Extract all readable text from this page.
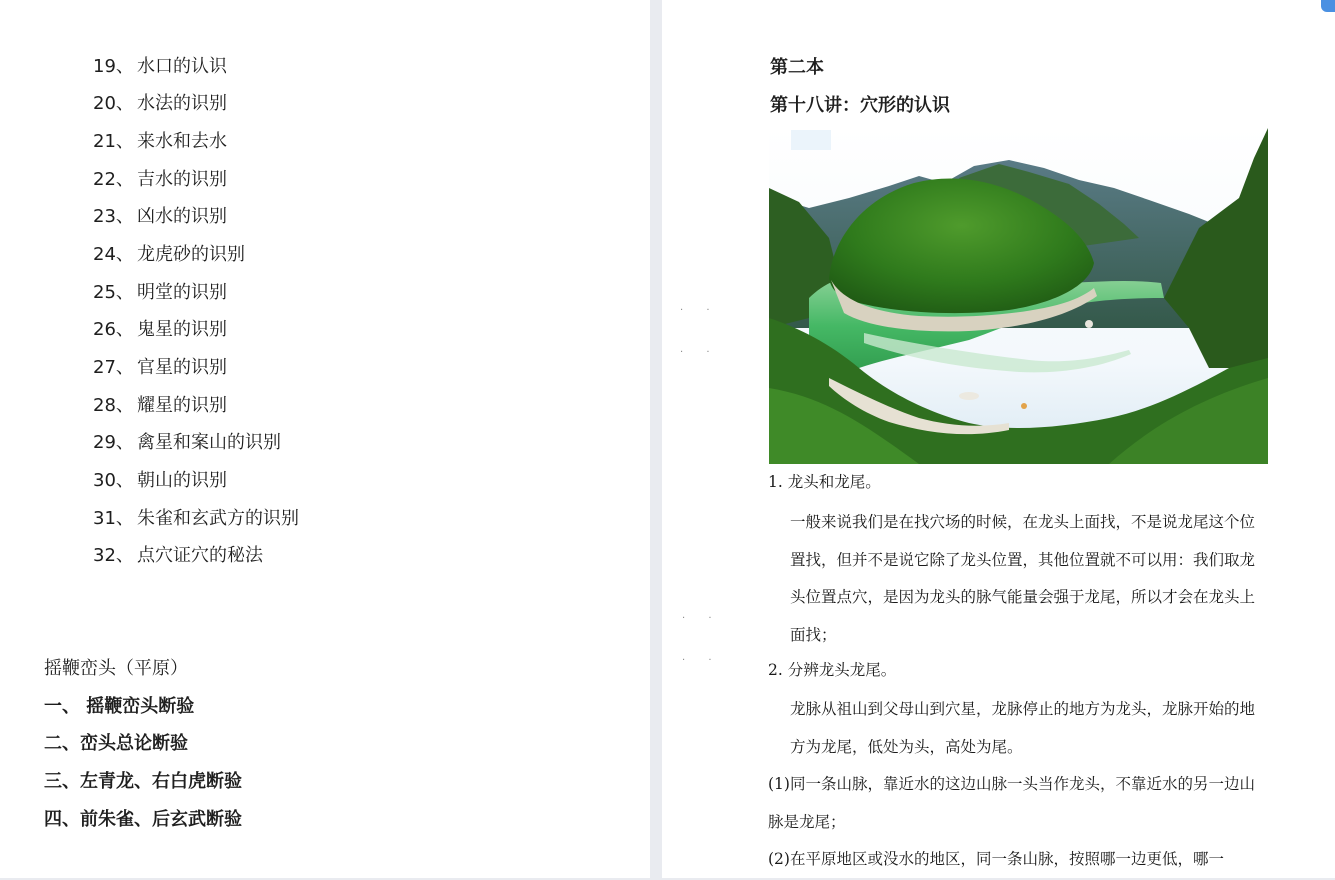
19、 水口的认识
20、 水法的识别
21、 来水和去水
22、 吉水的识别
23、 凶水的识别
24、 龙虎砂的识别
25、 明堂的识别
26、 鬼星的识别
27、 官星的识别
28、 耀星的识别
29、 禽星和案山的识别
30、 朝山的识别
31、 朱雀和玄武方的识别
32、 点穴证穴的秘法
摇鞭峦头（平原）
一、 摇鞭峦头断验
二、峦头总论断验
三、左青龙、右白虎断验
四、前朱雀、后玄武断验
· ·
· ·
· ·
· ·
第二本
第十八讲：穴形的认识
1. 龙头和龙尾。
一般来说我们是在找穴场的时候，在龙头上面找，不是说龙尾这个位置找，但并不是说它除了龙头位置，其他位置就不可以用：我们取龙头位置点穴，是因为龙头的脉气能量会强于龙尾，所以才会在龙头上面找；
2. 分辨龙头龙尾。
龙脉从祖山到父母山到穴星，龙脉停止的地方为龙头，龙脉开始的地方为龙尾，低处为头，高处为尾。
(1)同一条山脉，靠近水的这边山脉一头当作龙头，不靠近水的另一边山脉是龙尾；
(2)在平原地区或没水的地区，同一条山脉，按照哪一边更低，哪一
